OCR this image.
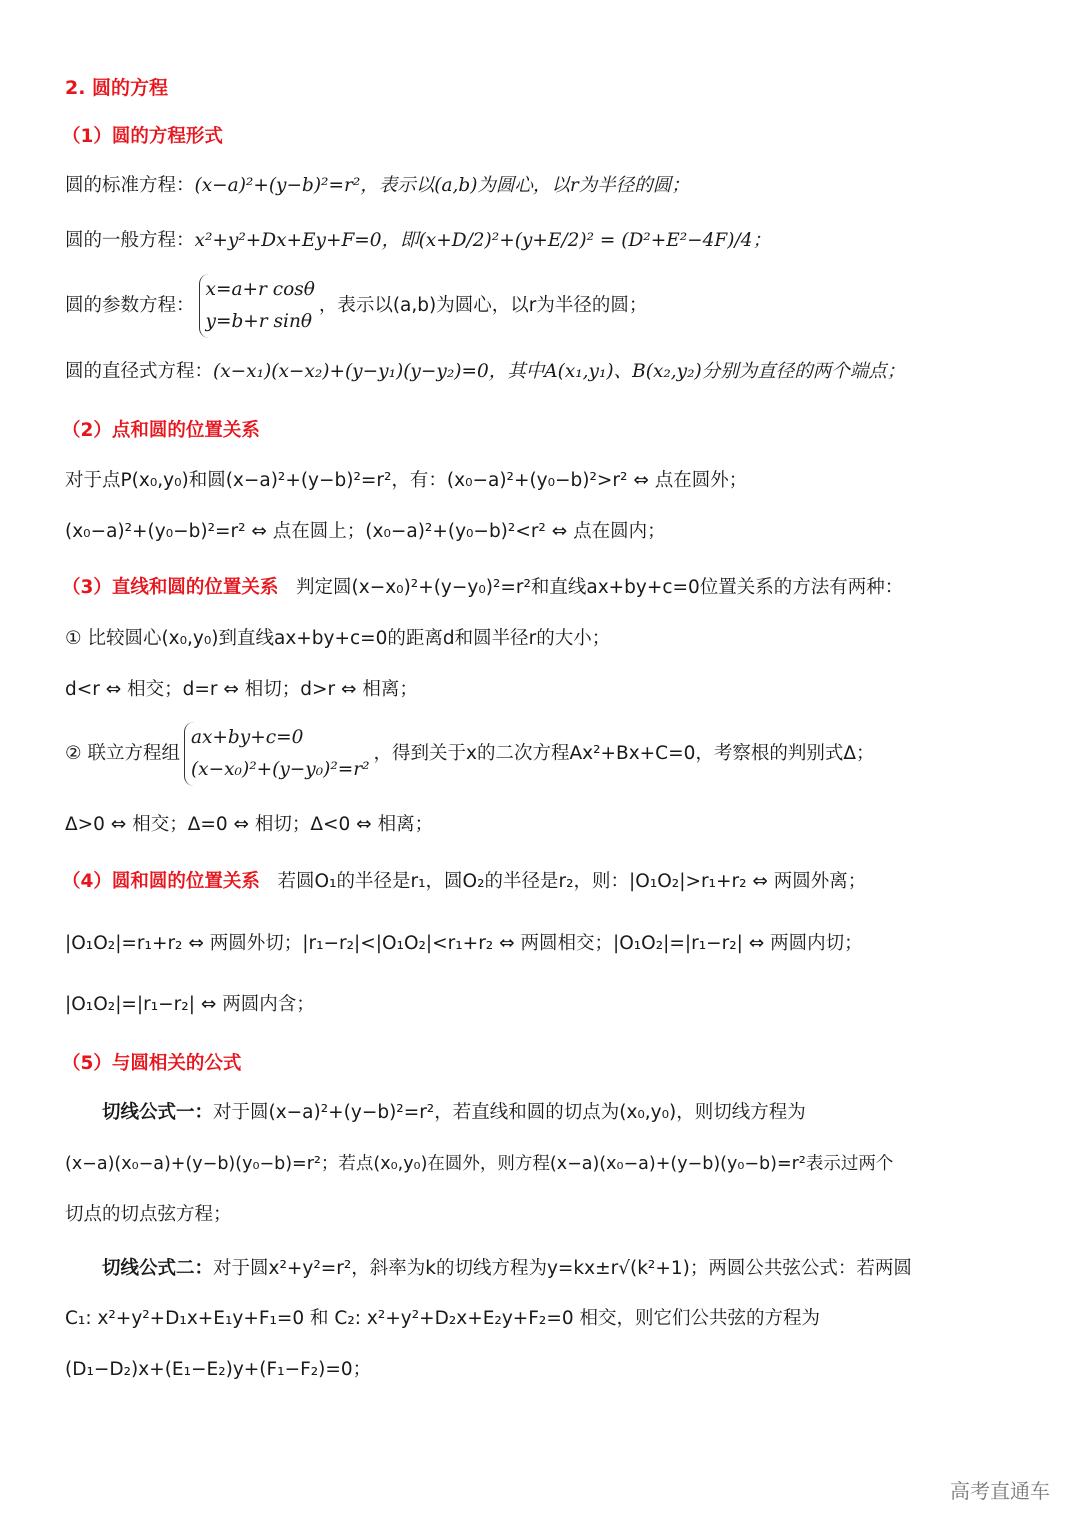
2. 圆的方程
（1）圆的方程形式
圆的标准方程：(x−a)²+(y−b)²=r²，表示以(a,b)为圆心，以r为半径的圆；
圆的一般方程：x²+y²+Dx+Ey+F=0，即(x+D/2)²+(y+E/2)² = (D²+E²−4F)/4；
圆的参数方程：
x=a+r cosθ
y=b+r sinθ
，表示以(a,b)为圆心，以r为半径的圆；
圆的直径式方程：(x−x₁)(x−x₂)+(y−y₁)(y−y₂)=0，其中A(x₁,y₁)、B(x₂,y₂)分别为直径的两个端点；
（2）点和圆的位置关系
对于点P(x₀,y₀)和圆(x−a)²+(y−b)²=r²，有：(x₀−a)²+(y₀−b)²>r² ⇔ 点在圆外；
(x₀−a)²+(y₀−b)²=r² ⇔ 点在圆上；(x₀−a)²+(y₀−b)²<r² ⇔ 点在圆内；
（3）直线和圆的位置关系 判定圆(x−x₀)²+(y−y₀)²=r²和直线ax+by+c=0位置关系的方法有两种：
① 比较圆心(x₀,y₀)到直线ax+by+c=0的距离d和圆半径r的大小；
d<r ⇔ 相交；d=r ⇔ 相切；d>r ⇔ 相离；
② 联立方程组
ax+by+c=0
(x−x₀)²+(y−y₀)²=r²
，得到关于x的二次方程Ax²+Bx+C=0，考察根的判别式Δ；
Δ>0 ⇔ 相交；Δ=0 ⇔ 相切；Δ<0 ⇔ 相离；
（4）圆和圆的位置关系 若圆O₁的半径是r₁，圆O₂的半径是r₂，则：|O₁O₂|>r₁+r₂ ⇔ 两圆外离；
|O₁O₂|=r₁+r₂ ⇔ 两圆外切；|r₁−r₂|<|O₁O₂|<r₁+r₂ ⇔ 两圆相交；|O₁O₂|=|r₁−r₂| ⇔ 两圆内切；
|O₁O₂|=|r₁−r₂| ⇔ 两圆内含；
（5）与圆相关的公式
切线公式一：对于圆(x−a)²+(y−b)²=r²，若直线和圆的切点为(x₀,y₀)，则切线方程为
(x−a)(x₀−a)+(y−b)(y₀−b)=r²；若点(x₀,y₀)在圆外，则方程(x−a)(x₀−a)+(y−b)(y₀−b)=r²表示过两个
切点的切点弦方程；
切线公式二：对于圆x²+y²=r²，斜率为k的切线方程为y=kx±r√(k²+1)；两圆公共弦公式：若两圆
C₁: x²+y²+D₁x+E₁y+F₁=0 和 C₂: x²+y²+D₂x+E₂y+F₂=0 相交，则它们公共弦的方程为
(D₁−D₂)x+(E₁−E₂)y+(F₁−F₂)=0；
高考直通车
